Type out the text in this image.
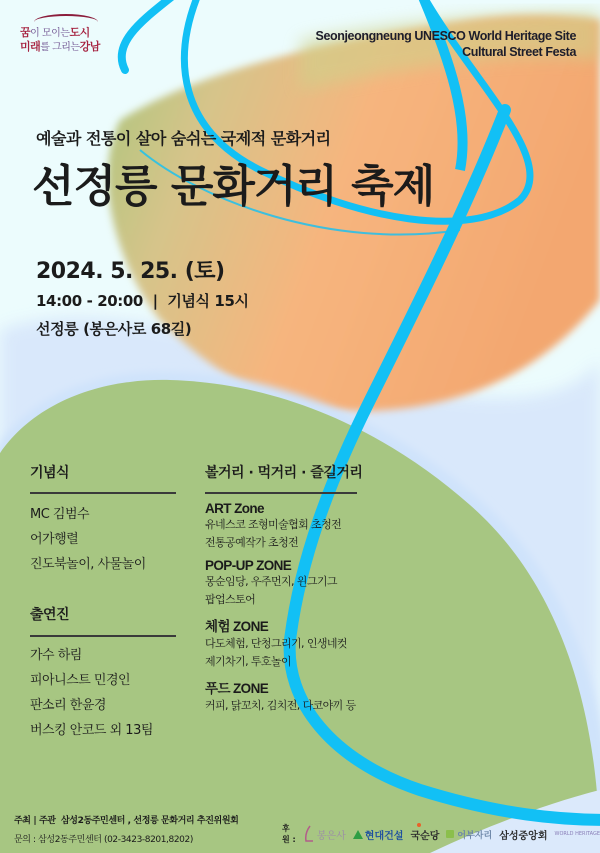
꿈이 모이는도시
미래를 그리는강남
Seonjeongneung UNESCO World Heritage Site
Cultural Street Festa
예술과 전통이 살아 숨쉬는 국제적 문화거리
선정릉 문화거리 축제
2024. 5. 25. (토)
14:00 - 20:00  |  기념식 15시
선정릉 (봉은사로 68길)
기념식
MC 김범수
어가행렬
진도북놀이, 사물놀이
출연진
가수 하림
피아니스트 민경인
판소리 한윤경
버스킹 안코드 외 13팀
볼거리 · 먹거리 · 즐길거리
ART Zone
유네스코 조형미술협회 초청전
전통공예작가 초청전
POP-UP ZONE
몽순임당, 우주먼지, 윈그기그
팝업스토어
체험 ZONE
다도체험, 단청그리기, 인생네컷
제기차기, 투호놀이
푸드 ZONE
커피, 닭꼬치, 김치전, 다코야끼 등
주최 | 주관 삼성2동주민센터 , 선정릉 문화거리 추진위원회
문의 : 삼성2동주민센터 (02-3423-8201,8202)
후원 : 봉은사 현대건설 국순당 어부자리 삼성중앙회 WORLD HERITAGE
